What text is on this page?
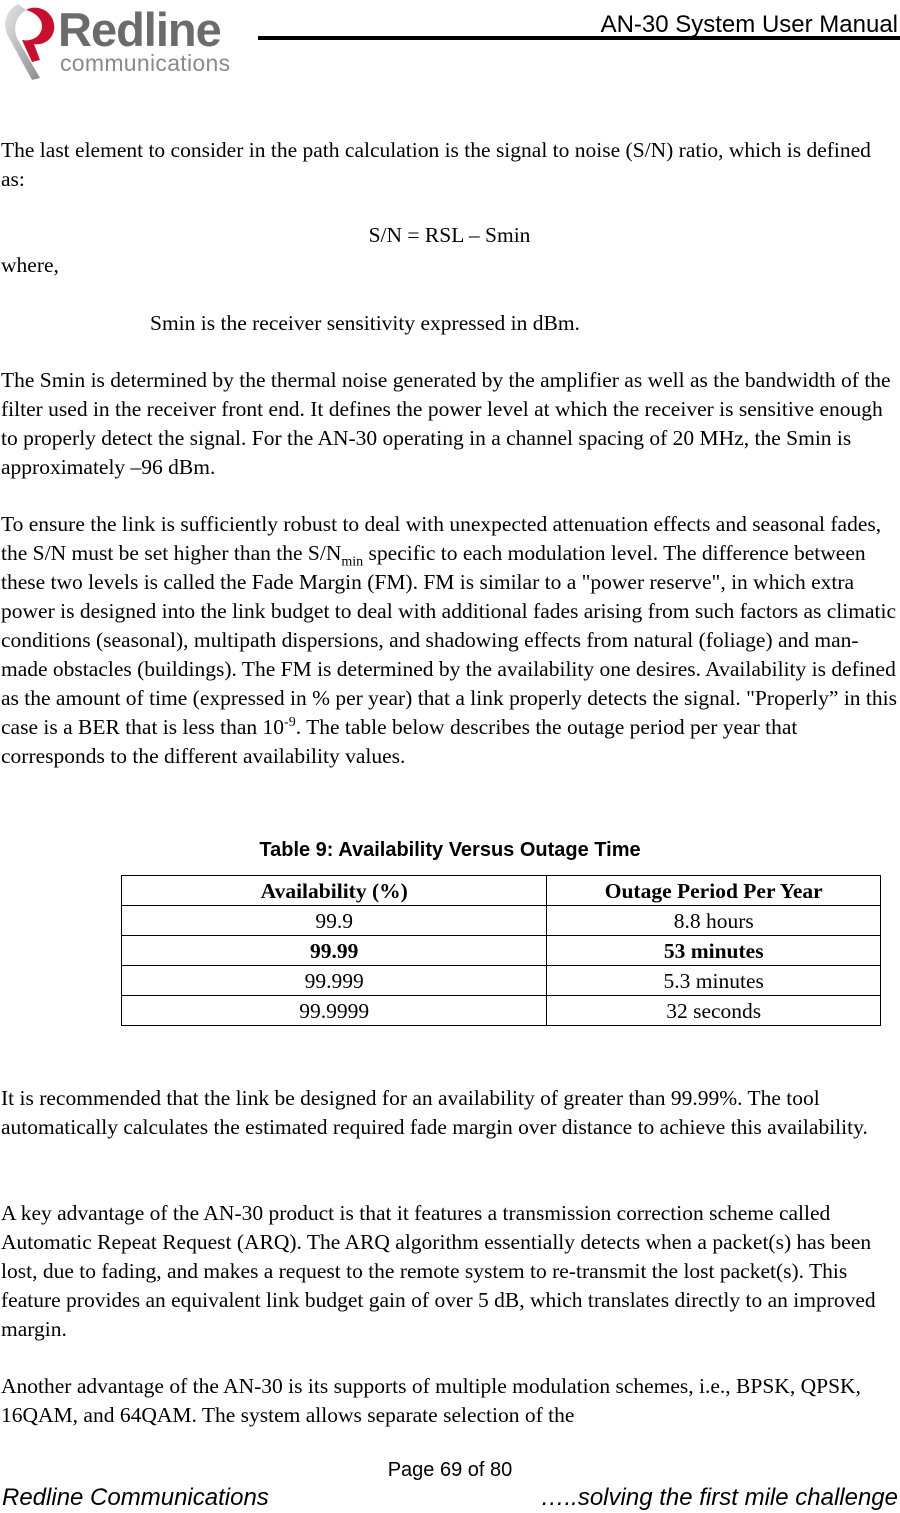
Redline
communications
AN-30 System User Manual

The last element to consider in the path calculation is the signal to noise (S/N) ratio, which is defined as:

S/N = RSL – Smin

where,

Smin is the receiver sensitivity expressed in dBm.

The Smin is determined by the thermal noise generated by the amplifier as well as the bandwidth of the filter used in the receiver front end. It defines the power level at which the receiver is sensitive enough to properly detect the signal. For the AN-30 operating in a channel spacing of 20 MHz, the Smin is approximately –96 dBm.

To ensure the link is sufficiently robust to deal with unexpected attenuation effects and seasonal fades, the S/N must be set higher than the $S/N_{min}$ specific to each modulation level. The difference between these two levels is called the Fade Margin (FM). FM is similar to a "power reserve", in which extra power is designed into the link budget to deal with additional fades arising from such factors as climatic conditions (seasonal), multipath dispersions, and shadowing effects from natural (foliage) and man-made obstacles (buildings). The FM is determined by the availability one desires. Availability is defined as the amount of time (expressed in % per year) that a link properly detects the signal. "Properly” in this case is a BER that is less than $10^{-9}$. The table below describes the outage period per year that corresponds to the different availability values.

Table 9: Availability Versus Outage Time
Availability (%)	Outage Period Per Year
99.9	8.8 hours
99.99	53 minutes
99.999	5.3 minutes
99.9999	32 seconds

It is recommended that the link be designed for an availability of greater than 99.99%. The tool automatically calculates the estimated required fade margin over distance to achieve this availability.

A key advantage of the AN-30 product is that it features a transmission correction scheme called Automatic Repeat Request (ARQ). The ARQ algorithm essentially detects when a packet(s) has been lost, due to fading, and makes a request to the remote system to re-transmit the lost packet(s). This feature provides an equivalent link budget gain of over 5 dB, which translates directly to an improved margin.

Another advantage of the AN-30 is its supports of multiple modulation schemes, i.e., BPSK, QPSK, 16QAM, and 64QAM. The system allows separate selection of the

Page 69 of 80
Redline Communications	…..solving the first mile challenge
